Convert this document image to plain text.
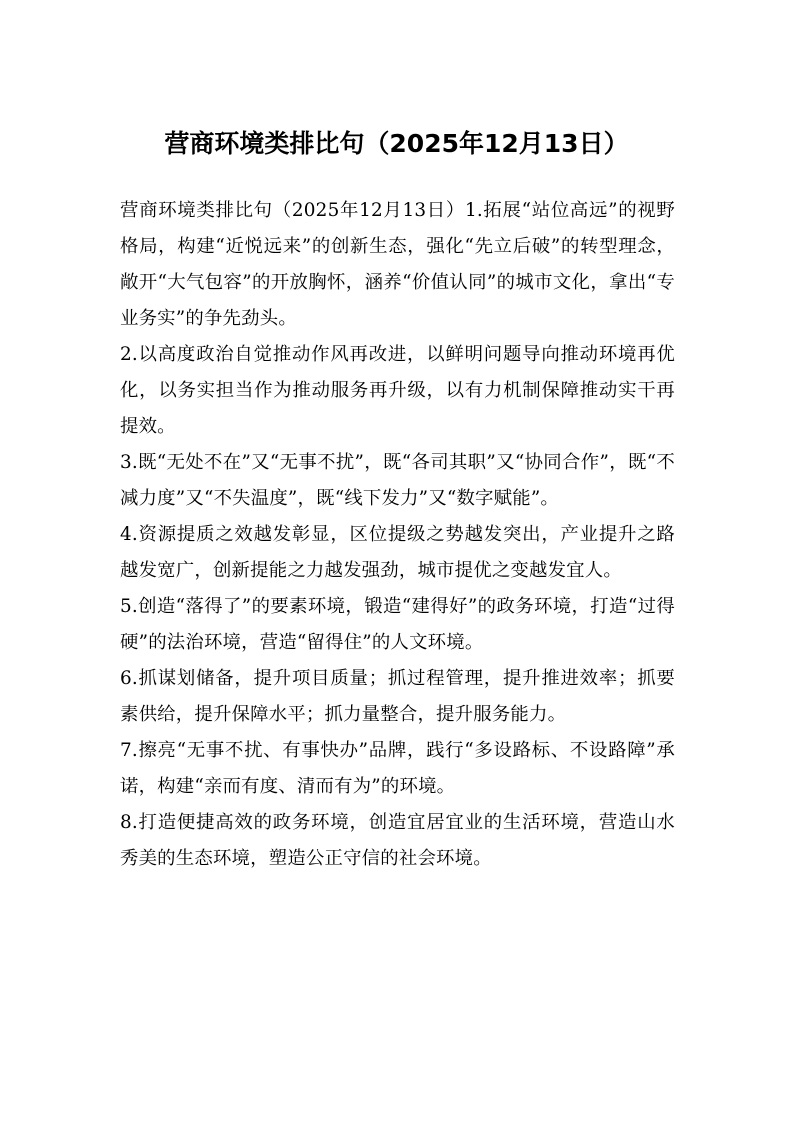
营商环境类排比句（2025年12月13日）

营商环境类排比句（2025年12月13日）1.拓展“站位高远”的视野格局，构建“近悦远来”的创新生态，强化“先立后破”的转型理念，敞开“大气包容”的开放胸怀，涵养“价值认同”的城市文化，拿出“专业务实”的争先劲头。

2.以高度政治自觉推动作风再改进，以鲜明问题导向推动环境再优化，以务实担当作为推动服务再升级，以有力机制保障推动实干再提效。

3.既“无处不在”又“无事不扰”，既“各司其职”又“协同合作”，既“不减力度”又“不失温度”，既“线下发力”又“数字赋能”。

4.资源提质之效越发彰显，区位提级之势越发突出，产业提升之路越发宽广，创新提能之力越发强劲，城市提优之变越发宜人。

5.创造“落得了”的要素环境，锻造“建得好”的政务环境，打造“过得硬”的法治环境，营造“留得住”的人文环境。

6.抓谋划储备，提升项目质量；抓过程管理，提升推进效率；抓要素供给，提升保障水平；抓力量整合，提升服务能力。

7.擦亮“无事不扰、有事快办”品牌，践行“多设路标、不设路障”承诺，构建“亲而有度、清而有为”的环境。

8.打造便捷高效的政务环境，创造宜居宜业的生活环境，营造山水秀美的生态环境，塑造公正守信的社会环境。
